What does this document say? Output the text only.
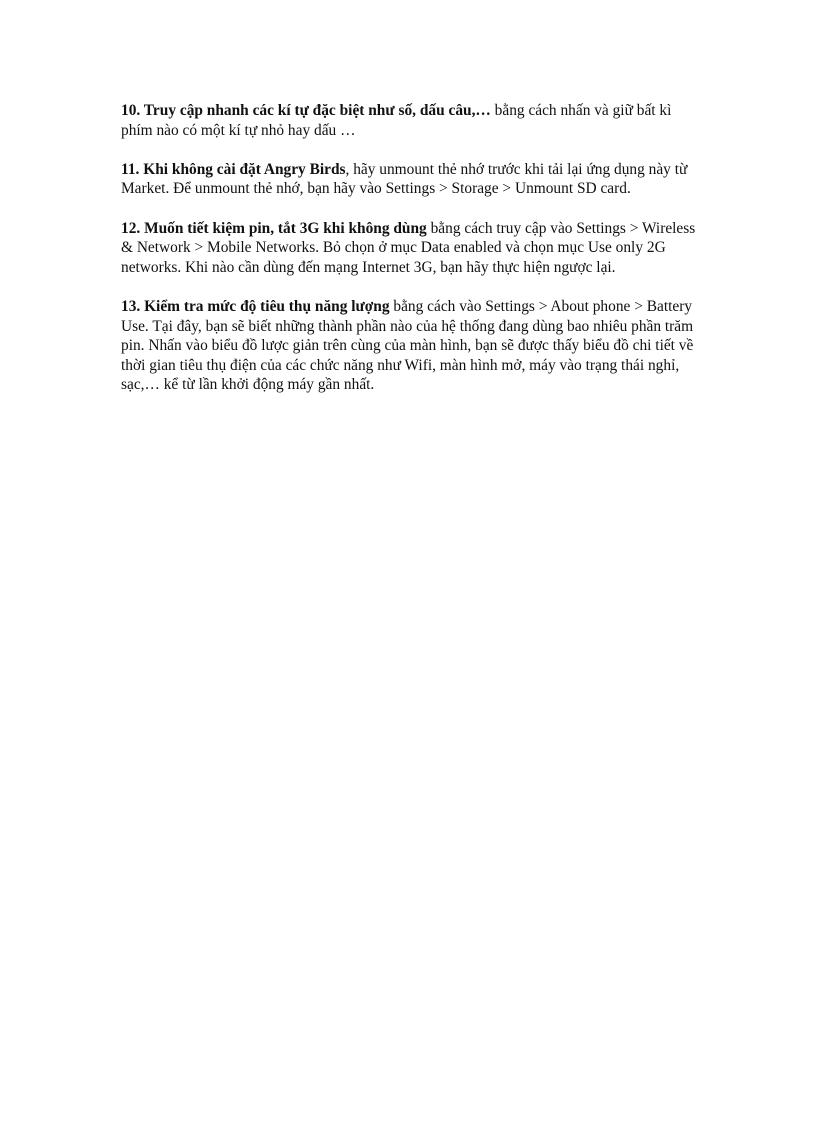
10. Truy cập nhanh các kí tự đặc biệt như số, dấu câu,… bằng cách nhấn và giữ bất kì phím nào có một kí tự nhỏ hay dấu …

11. Khi không cài đặt Angry Birds, hãy unmount thẻ nhớ trước khi tải lại ứng dụng này từ Market. Để unmount thẻ nhớ, bạn hãy vào Settings > Storage > Unmount SD card.

12. Muốn tiết kiệm pin, tắt 3G khi không dùng bằng cách truy cập vào Settings > Wireless & Network > Mobile Networks. Bỏ chọn ở mục Data enabled và chọn mục Use only 2G networks. Khi nào cần dùng đến mạng Internet 3G, bạn hãy thực hiện ngược lại.

13. Kiểm tra mức độ tiêu thụ năng lượng bằng cách vào Settings > About phone > Battery Use. Tại đây, bạn sẽ biết những thành phần nào của hệ thống đang dùng bao nhiêu phần trăm pin. Nhấn vào biểu đồ lược giản trên cùng của màn hình, bạn sẽ được thấy biểu đồ chi tiết về thời gian tiêu thụ điện của các chức năng như Wifi, màn hình mở, máy vào trạng thái nghỉ, sạc,… kể từ lần khởi động máy gần nhất.
